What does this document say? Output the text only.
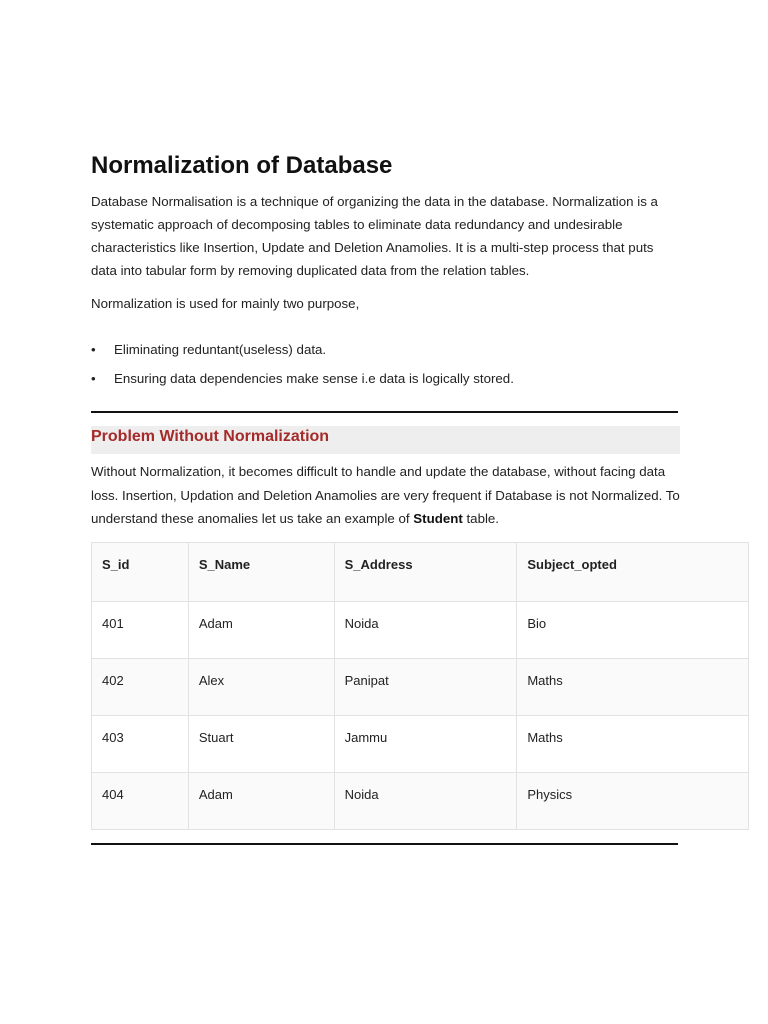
Normalization of Database

Database Normalisation is a technique of organizing the data in the database. Normalization is a systematic approach of decomposing tables to eliminate data redundancy and undesirable characteristics like Insertion, Update and Deletion Anamolies. It is a multi-step process that puts data into tabular form by removing duplicated data from the relation tables.

Normalization is used for mainly two purpose,

• Eliminating reduntant(useless) data.
• Ensuring data dependencies make sense i.e data is logically stored.
Problem Without Normalization

Without Normalization, it becomes difficult to handle and update the database, without facing data loss. Insertion, Updation and Deletion Anamolies are very frequent if Database is not Normalized. To understand these anomalies let us take an example of Student table.

S_id	S_Name	S_Address	Subject_opted
401	Adam	Noida	Bio
402	Alex	Panipat	Maths
403	Stuart	Jammu	Maths
404	Adam	Noida	Physics
